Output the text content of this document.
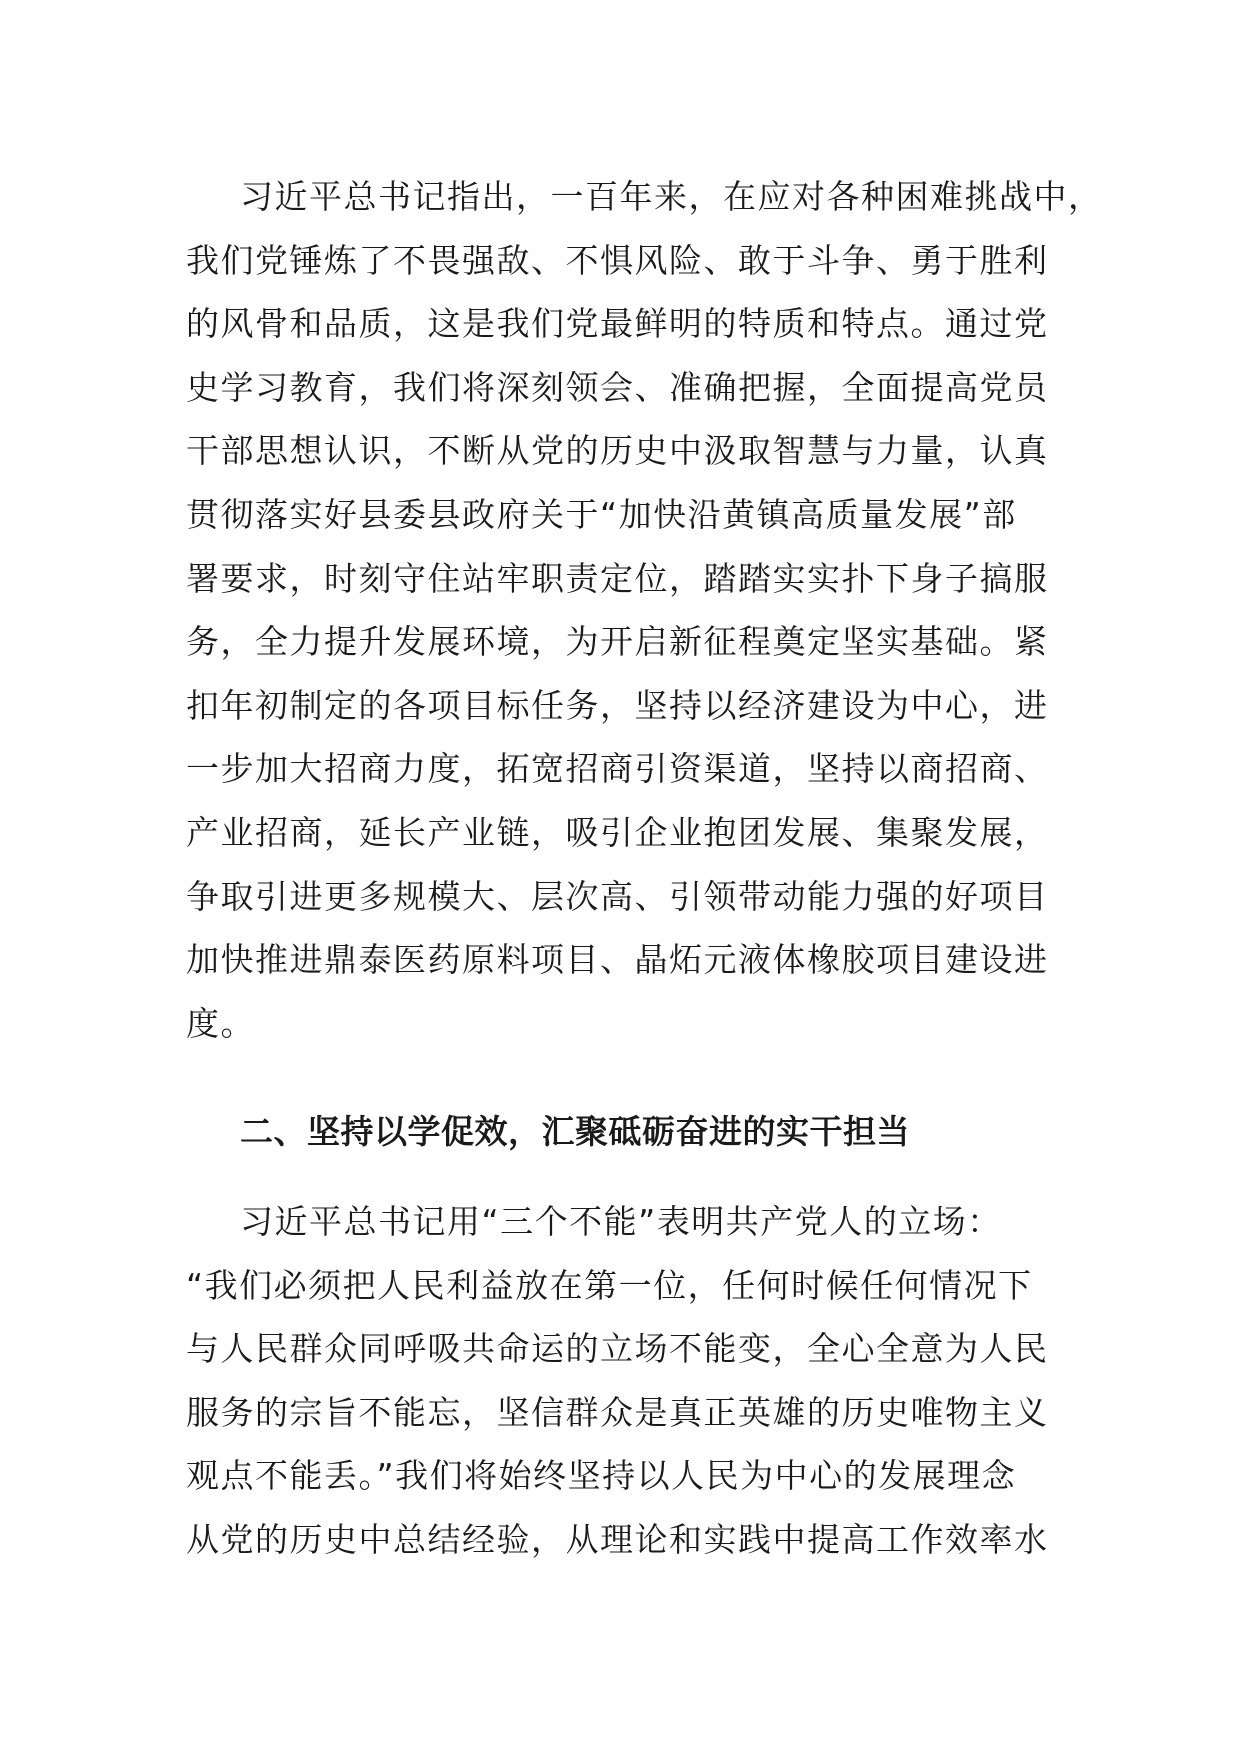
习近平总书记指出，一百年来，在应对各种困难挑战中，
我们党锤炼了不畏强敌、不惧风险、敢于斗争、勇于胜利
的风骨和品质，这是我们党最鲜明的特质和特点。通过党
史学习教育，我们将深刻领会、准确把握，全面提高党员
干部思想认识，不断从党的历史中汲取智慧与力量，认真
贯彻落实好县委县政府关于“加快沿黄镇高质量发展”部
署要求，时刻守住站牢职责定位，踏踏实实扑下身子搞服
务，全力提升发展环境，为开启新征程奠定坚实基础。紧
扣年初制定的各项目标任务，坚持以经济建设为中心，进
一步加大招商力度，拓宽招商引资渠道，坚持以商招商、
产业招商，延长产业链，吸引企业抱团发展、集聚发展，
争取引进更多规模大、层次高、引领带动能力强的好项目
加快推进鼎泰医药原料项目、晶炻元液体橡胶项目建设进
度。
二、坚持以学促效，汇聚砥砺奋进的实干担当
习近平总书记用“三个不能”表明共产党人的立场：
“我们必须把人民利益放在第一位，任何时候任何情况下
与人民群众同呼吸共命运的立场不能变，全心全意为人民
服务的宗旨不能忘，坚信群众是真正英雄的历史唯物主义
观点不能丢。”我们将始终坚持以人民为中心的发展理念
从党的历史中总结经验，从理论和实践中提高工作效率水
